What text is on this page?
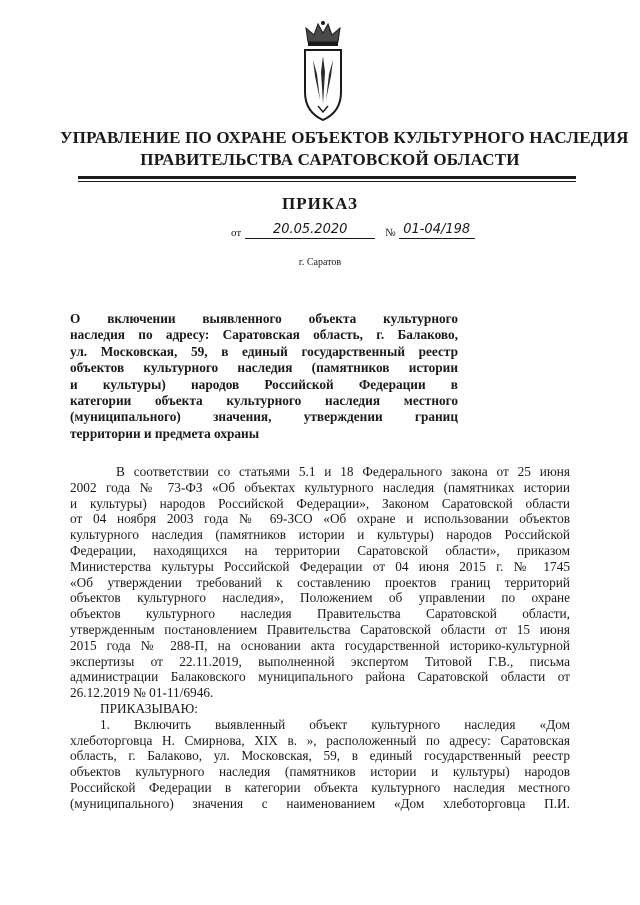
УПРАВЛЕНИЕ ПО ОХРАНЕ ОБЪЕКТОВ КУЛЬТУРНОГО НАСЛЕДИЯ
ПРАВИТЕЛЬСТВА САРАТОВСКОЙ ОБЛАСТИ
ПРИКАЗ
от 20.05.2020	№ 01-04/198
г. Саратов

О включении выявленного объекта культурного
наследия по адресу: Саратовская область, г. Балаково,
ул. Московская, 59, в единый государственный реестр
объектов культурного наследия (памятников истории
и культуры) народов Российской Федерации в
категории объекта культурного наследия местного
(муниципального) значения, утверждении границ
территории и предмета охраны

В соответствии со статьями 5.1 и 18 Федерального закона от 25 июня
2002 года № 73-ФЗ «Об объектах культурного наследия (памятниках истории
и культуры) народов Российской Федерации», Законом Саратовской области
от 04 ноября 2003 года № 69-ЗСО «Об охране и использовании объектов
культурного наследия (памятников истории и культуры) народов Российской
Федерации, находящихся на территории Саратовской области», приказом
Министерства культуры Российской Федерации от 04 июня 2015 г. № 1745
«Об утверждении требований к составлению проектов границ территорий
объектов культурного наследия», Положением об управлении по охране
объектов культурного наследия Правительства Саратовской области,
утвержденным постановлением Правительства Саратовской области от 15 июня
2015 года № 288-П, на основании акта государственной историко-культурной
экспертизы от 22.11.2019, выполненной экспертом Титовой Г.В., письма
администрации Балаковского муниципального района Саратовской области от
26.12.2019 № 01-11/6946.
ПРИКАЗЫВАЮ:
1. Включить выявленный объект культурного наследия «Дом
хлеботорговца Н. Смирнова, XIX в. », расположенный по адресу: Саратовская
область, г. Балаково, ул. Московская, 59, в единый государственный реестр
объектов культурного наследия (памятников истории и культуры) народов
Российской Федерации в категории объекта культурного наследия местного
(муниципального) значения с наименованием «Дом хлеботорговца П.И.
